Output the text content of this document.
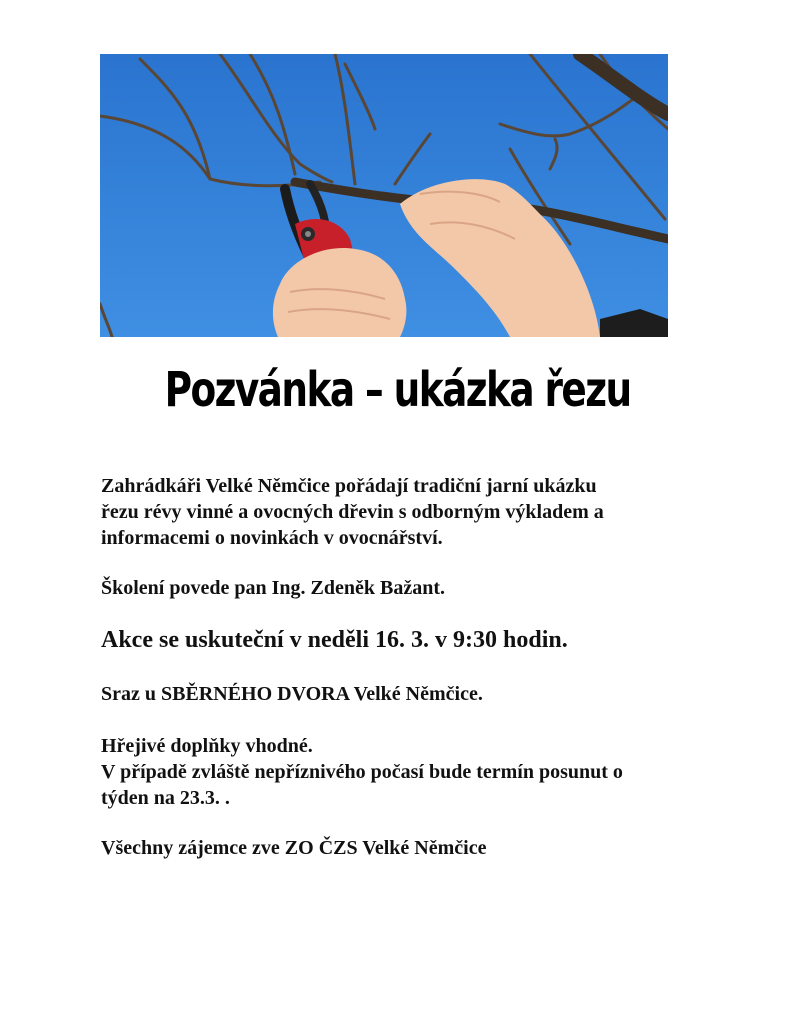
Pozvánka – ukázka řezu
Zahrádkáři Velké Němčice pořádají tradiční jarní ukázku
řezu révy vinné a ovocných dřevin s odborným výkladem a
informacemi o novinkách v ovocnářství.
Školení povede pan Ing. Zdeněk Bažant.
Akce se uskuteční v neděli 16. 3. v 9:30 hodin.
Sraz u SBĚRNÉHO DVORA Velké Němčice.
Hřejivé doplňky vhodné.
V případě zvláště nepříznivého počasí bude termín posunut o
týden na 23.3. .
Všechny zájemce zve ZO ČZS Velké Němčice
